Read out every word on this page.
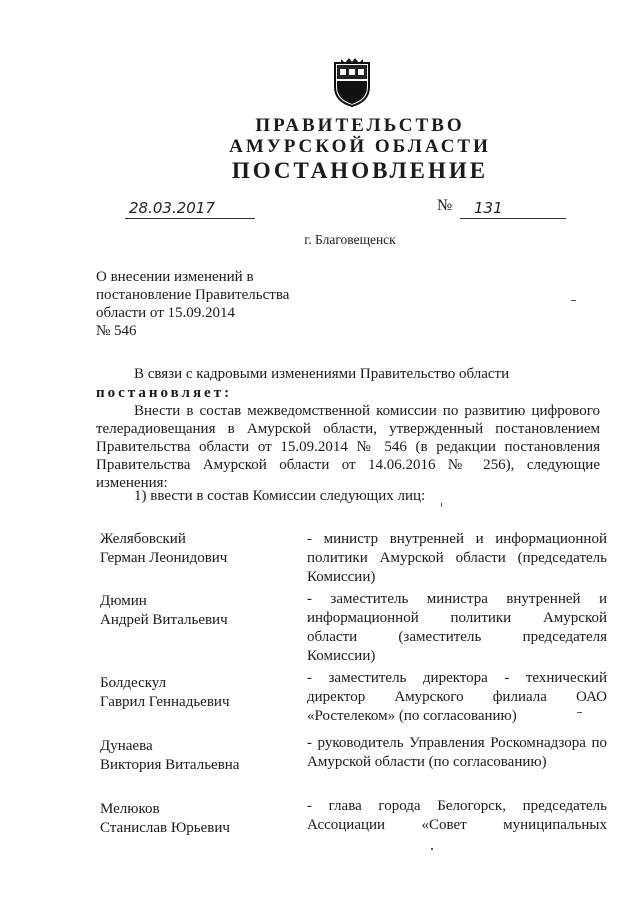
ПРАВИТЕЛЬСТВО
АМУРСКОЙ ОБЛАСТИ
ПОСТАНОВЛЕНИЕ
28.03.2017	№ 131
г. Благовещенск
О внесении изменений в
постановление Правительства
области от 15.09.2014
№ 546
В связи с кадровыми изменениями Правительство области
постановляет:
Внести в состав межведомственной комиссии по развитию цифрового
телерадиовещания в Амурской области, утвержденный постановлением
Правительства области от 15.09.2014 № 546 (в редакции постановления
Правительства Амурской области от 14.06.2016 № 256), следующие
изменения:
1) ввести в состав Комиссии следующих лиц:
Желябовский
Герман Леонидович
- министр внутренней и информационной
политики Амурской области (председатель
Комиссии)
Дюмин
Андрей Витальевич
- заместитель министра внутренней и
информационной политики Амурской
области (заместитель председателя
Комиссии)
Болдескул
Гаврил Геннадьевич
- заместитель директора - технический
директор Амурского филиала ОАО
«Ростелеком» (по согласованию)
Дунаева
Виктория Витальевна
- руководитель Управления Роскомнадзора по
Амурской области (по согласованию)
Мелюков
Станислав Юрьевич
- глава города Белогорск, председатель
Ассоциации «Совет муниципальных
